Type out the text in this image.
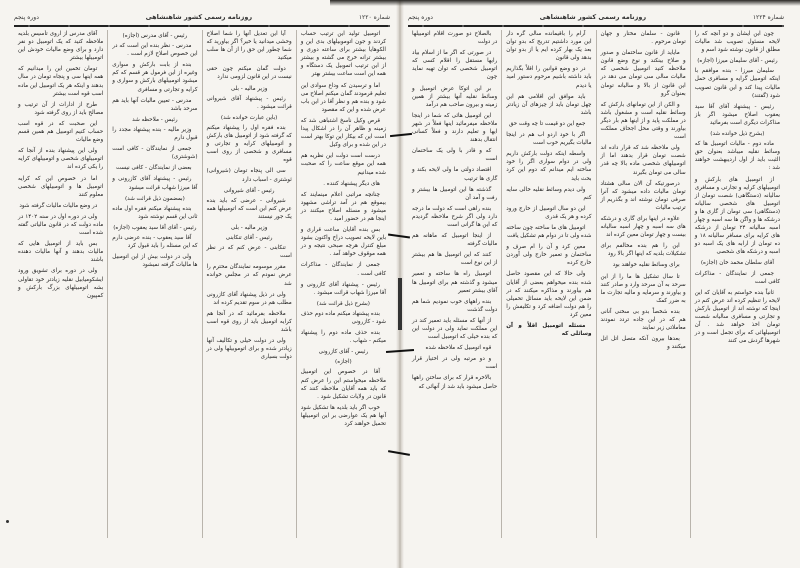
شماره ۱۲۲۰
روزنامه رسمی کشور شاهنشاهی
دوره پنجم

اتومبیل تولید این ترتیب حساب کردند و جون اتوموبیلهای بدی این و الکوهایا بیشتر برای ساعته دوری و بیشتر ترانه خرج می گشته و بیشتر از این ترتیب اتموبیل یک دستگاه و همه این است ساعت بیشتر بهتر

اما و ترسیدن که وداع سوادی این تعلیم قرمودند گمان میکنم اصلاح می شود و بنده هم و نظر آقا در این باب عرض شده و این که مقصود

قرص وکیل ناسخ اشتباهی شد که زمینه و ظاهر آن را در اشکال پیدا است این که بیکار این توکا بهتر است در این شده و برای وکیل

درست است دولت این نظریه هم همه این موقع ساعت را که صحبت شده میدانیم

های دیگر پیشنهاد کننده .

چنانچه مراتبی اعلام مینمایند که بیموقع هم در آمد تراشی مشهود میشود و مسئله اصلاح میکنند در اینجا هم در حضور امید .

بس بنده آقایان ساعت قراری و باین لایحه تصویب دراخ واکنون بشود مبلغ کنترل هرچه صبحی نتیجه و در همه موقوف خواهد آمد .

جمعی از نمایندگان - مذاکرات کافی است .

رئیس - پیشنهاد آقای کازرونی و آقا میرزا شهاب قرائت میشود .

(بشرح ذیل قرائت شد)

بنده پیشنهاد میکنم ماده دوم حذف شود - کازرونی

بنده حذف ماده دوم را پیشنهاد میکنم - شهاب .

رئیس - آقای کازرونی

(اجازه)

آقا در خصوص این اتومبیل ملاحظه میخواستم این را عرض کنم که باید همه آقایان ملاحظه کنند که قانون در ولایات تشکیل شود .

خوب اگر باید بلدیه ها تشکیل شود آنها هم یک عوارضی بر این اتومبیلها تحمیل خواهند کرد

آیا این تعدیل آنها را شما اصلاح وحشی میدانید یا خیر؟ اگر بیاورید که شما چطور این حق را از آن ها سلب میکنید

دولت گمان میکنم چون حقی نیست در این قانون لزومی ندارد

وزیر مالیه - بلی

رئیس - پیشنهاد آقای شیروانی قرائت میشود .

(باین عبارت خوانده شد)

بنده فقره اول را پیشنهاد میکنم که گرفته شود از اتومبیل های بارکش و اتومبیلهای کرایه و تجارتی و مسافری و شخصی از روی اسب قوه

سی الی پنجاه تومان (شیروانی) ثوشتری - اسباب دارد

رئیس - آقای شیروانی

شیروانی - عرضی که باید بنده عرض کنم این است که اتومبیلها همه یک جور نیستند

وزیر مالیه - بلی

رئیس - آقای تنکابنی

تنکابنی - عرض کنم که در نظر است

مقرر موسومه نمایندگان محترم را عرض نمودم که در مجلس خوانده شد

ولی در ذیل پیشنهاد آقای کازرونی مطلب هم در سوم تقدیم کرده اند

ملاحظه بفرمائید که در آنجا هم کرایه اتومبیل باید از روی قوه اسب باشد

ولی در دولت خیلی و تکالیف آنها زیادتر شده و برای اتوموبیلها ولی در دولت بسیاری

رئیس - آقای مدرس (اجازه)

مدرس - نظر بنده این است که در این خصوص اصلاح لازم است .

بنده از بابت بارکش و سواری وغیره از این فرمول هر قسم که کم میشود اتومبیلهای بارکش و سواری و کرایه و تجارتی و مسافری

مدرس - تعیین مالیات آنها باید هم سرحد باشد

رئیس - ملاحظه شد

وزیر مالیه - بنده پیشنهاد مجدد را قبول دارم

جمعی از نمایندگان - کافی است (شوشتری)

بعضی از نمایندگان - کافی نیست

رئیس - پیشنهاد آقای کازرونی و آقا میرزا شهاب قرائت میشود

(بمضمون ذیل قرائت شد)

بنده پیشنهاد میکنم فقره اول ماده ثانی این قسم نوشته شود

رئیس - آقای آقا سید یعقوب (اجازه)

آقا سید یعقوب - بنده عرضی دارم که این مسئله را باید قبول کرد

ولی در دولت بیش از این اتومبیل ها مالیات گرفته نمیشود

آقای مدرس از اروی تأسیس بلدیه ملاحظه کنید که یک اتومبیل دو نفر دارد و برای وضع مالیات خودش این اتومبیلها بیشتر

تومان تخمین این را میدانیم که همه اینها سی و پنجاه تومان در سال بدهند و اینکه هر یک اتومبیل این ماده اسب قوه است بیشتر

طرح از ادارات از آن ترتیب و مصالح باید از روی گرفته شود

این صحبت که در قوه اسب حساب کنیم اتومبیل هم همین قسم وضع مالیات

ولی این پیشنهاد بنده از آنجا که اتومبیلهای شخصی و اتومبیلهای کرایه را یکی کرده اند

اما در خصوص این که کرایه اتومبیل ها و اتومبیلهای شخصی معلوم کنند

در وضع مالیات مالیات گرفته شود

ولی در دوره اول در سنه ۱۴۰۲ در ماده دولت که در قانون مالیاتی گفته شده است

بس باید از اتومبیل هایی که مالیات بدهند و آنها مالیات دهنده باشند

ولی در دوره برای تشویق ورود ایشکومیابیل نقلیه زیادتر خود تقاولی بشه اتومبیلهای بزرگ بارکش و کمپیون

شماره ۱۲۲۴
روزنامه رسمی کشور شاهنشاهی
دوره پنجم

چون این ایشان و دو آنچه که را لایحه مسئول تصویب شد مالیات مطلق از قانون نوشته شود اسم و

رئیس - آقای سلیمان میرزا (اجازه)

سلیمان میرزا - بنده موافقم با اینکه اتومبیل گرایه و مسافری حمل مالیات پیدا کند و این قانون تصویب شود (گفتند)

رئیس - پیشنهاد آقای آقا سید یعقوب اصلاح میشود اگر باز مذاکرات دیگری است بفرمائید

(بشرح ذیل خوانده شد)

ماده دوم - مالیات اتومبیل ها که وسائط نقلیه میباشد بعنوان حق الثبت باید از اول اردیبهشت خواهند شد :

از اتومبیل های بارکش و اتومبیلهای کرایه و تجارتی و مسافری سالیانه (دستگاهی) شصت تومان از اتومبیل های شخصی سالیانه (دستگاهی) سی تومان از گاری ها و درشکه ها و واگن ها سه اسبه و چهار اسبه سالیانه ۲۴ تومان از درشکه های کرایه برای مسافر سالیانه ۱۸ و ده تومان از ارابه های یک اسبه دو اسبه و درشکه های شخصی

آقای سلطان محمد خان (اجازه)

جمعی از نمایندگان - مذاکرات کافی است

ثانیاً بنده خواستم به آقایان که این لایحه را تنظیم کرده اند عرض کنم در اینجا که نوشته اند از اتومبیل بارکش و تجارتی و مسافری سالیانه شصت تومان اخذ خواهد شد . آن اتومبیلهائی که برای تجمل است و در شهرها گردش می کنند

قانون - سلمان مختار و جهان تومان مرحوم .

مایاید از قانون ساختمان و صدور و صلاح بینکند و نوع وضع قانون ملاحظه کنید اتومبیل شخصی که مالیات سالی سی تومان می دهد در این قانون از بالا و سالیانه تومان بعنوان گرو

و الکن از این تومانهای بارکش که وسائط نقلیه است و مشغول باشد در مملکت پاید و از اینها هم بار دیگر بیاورند و وقتی محل اجحاف مملکت است

ولی ملاحظه شد که قرار داده اند شصت تومان قرار بدهند اما از اتومبیلهای شخصی ماده بالا چه قدر سالی می تومان بگیرند

درصورتیکه آن الان سالی هشتاد تومان مالیات داده میشود که آنرا صرفی تومان نوشته اند و بگذریم از ترتیب مالیات

علاوه در اینها برای گاری و درشکه های سه اسبه و چهار اسبه سالیانه بیست و چهار تومان معین کرده اند

این را هم بنده مخالفم برای تشکیلات بلدیه که اینها اگر بالا رود

برای وسائط نقلیه خواهند بود

تا سال تشکیل ها ما را از این سرحد به آن سرحد وارد و صادر کنند و بیاورند و سرمایه و مالیه تجارت ما به ضرر کمک

بنده شخصاً بدو بی سخنی آنانی هم که در این جاده تردد نمودند معاملاتی زیر نمایند

بعدها بیرون آنکه متصل اتل اتل میکنند و

آرام را باقیمانده سالی گره دار این مورد داشتیم تدریج که بدو توان بعد یک بهار کرده ایم یا از بدو توان بدهد ولی قانون

در دو وضع قوانین را اقلاً بگذاریم باید داشته باشیم مرحوم دستور امید یا دیدم

باید موافق این اقلامی هم این چهل تومان باید از چیزهای آن زیادتر باشد

جمع این دو قیمت تا چه وقت حق

اگر با خود اردو اب هم در اینجا مالیات بگیریم خوب است

واسطه اینکه دولت بارکش داریم ولی در دوام سواری اگر را خود ساخته ایم میدانم که دوم این کرد بحث باید

ولی دیدم وسائط نقلیه خالی سایه کنم

این دو سال اتومبیل از خارج ورود کرده و هر یک قدری

اتومبیل های ما ساخته چون ساخته شده ولی تا در دوام هم تشکیل یافت

معین کرد و آن را ام صرف و ساختمان و تعمیر خارج ولی آوردن خارج کرده

ولی حالا که این مقصود حاصل شده بنده میخواهم بعضی از آقایان هم بیاورند و مذاکره میکنند که در ضمن این لایحه باید مسائل تحمیلی را هم دولت اضافه کرد و تکلیفش را معین کرد

مسئله اتومبیل اقلاً و آن وسائلی که

بالصلاح دو صورت اقلام اتومبیلها در دولت

در صورتی که اگر ما از اسلام بیاد رایها مستقل را اقلام کسی که اتومبیل شخصی که توان تهیه نماید چون

بر این اتوکا عرض اتومبیل و وسائط نقلیه آنها بیشتر از همین زمینه و بیرون صاحب هم درآمد

این اتومبیل هائی که شما در اینجا ملاحظه میفرمائید اینها فعلاً در شهر ایها و تعلیم دارند و فعلاً کسانی انتقال بدهند

که و قادر با ولی یک ساختمان است

اقتصاد دولتی ما ولی لایحه بکند و گاری ها ترتیب

گذشته ها این اتومبیل ها بیشتر و رفت و آمد آن

بنده راهی است که دولت ما درجه دارد ولی اگر شرح ملاحظه گردیدم که این ها گرانی است

از اینجا اتومبیل که ماهانه هم مالیات گرفته

کنند که این اتومبیل ها هم بیشتر از این نوع است

اتومبیل راه ها ساخته و تعمیر میشود و گذشته هم برای اتومبیل ها آقای بیشتر تعمیر

بنده راههای خوب نمودیم شما هم دولت گذشت

از آنها که مسئله باید تعمیر کند در این مملکت نماید ولی در دولت این که بنده خیلی که اتومبیل است

قوه اتومبیل که ملاحظه شده

و دو مرتبه ولی در اختیار قرار است

بالاخره قرار که برای ساختن راهها حاصل میشود باید شد از آنهائی که
